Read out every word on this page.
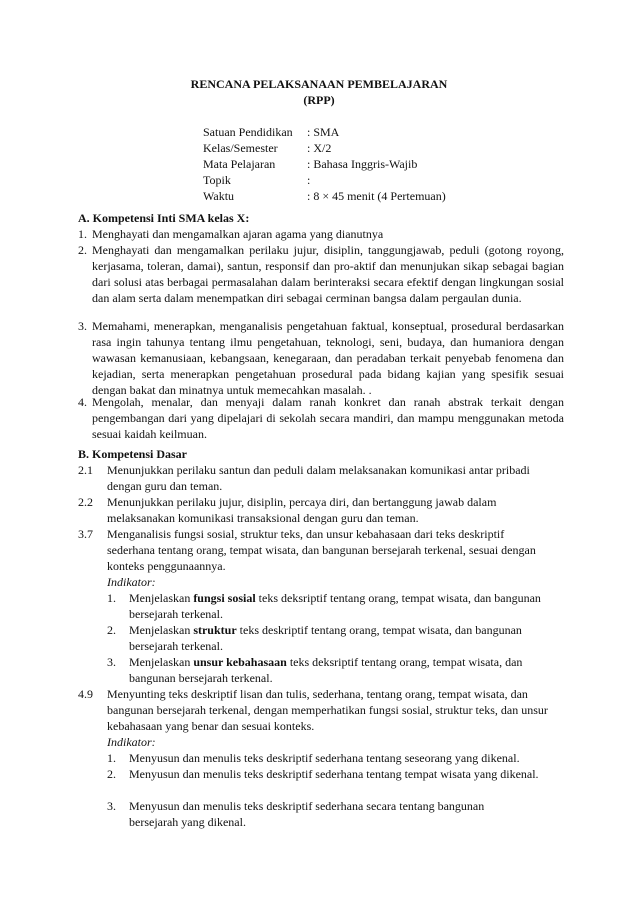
RENCANA PELAKSANAAN PEMBELAJARAN
(RPP)
Satuan Pendidikan	: SMA
Kelas/Semester	: X/2
Mata Pelajaran	: Bahasa Inggris-Wajib
Topik	:
Waktu	: 8 × 45 menit (4 Pertemuan)
A. Kompetensi Inti SMA kelas X:
1. Menghayati dan mengamalkan ajaran agama yang dianutnya
2. Menghayati dan mengamalkan perilaku jujur, disiplin, tanggungjawab, peduli (gotong royong, kerjasama, toleran, damai), santun, responsif dan pro-aktif dan menunjukan sikap sebagai bagian dari solusi atas berbagai permasalahan dalam berinteraksi secara efektif dengan lingkungan sosial dan alam serta dalam menempatkan diri sebagai cerminan bangsa dalam pergaulan dunia.
3. Memahami, menerapkan, menganalisis pengetahuan faktual, konseptual, prosedural berdasarkan rasa ingin tahunya tentang ilmu pengetahuan, teknologi, seni, budaya, dan humaniora dengan wawasan kemanusiaan, kebangsaan, kenegaraan, dan peradaban terkait penyebab fenomena dan kejadian, serta menerapkan pengetahuan prosedural pada bidang kajian yang spesifik sesuai dengan bakat dan minatnya untuk memecahkan masalah. .
4. Mengolah, menalar, dan menyaji dalam ranah konkret dan ranah abstrak terkait dengan pengembangan dari yang dipelajari di sekolah secara mandiri, dan mampu menggunakan metoda sesuai kaidah keilmuan.
B. Kompetensi Dasar
2.1 Menunjukkan perilaku santun dan peduli dalam melaksanakan komunikasi antar pribadi dengan guru dan teman.
2.2 Menunjukkan perilaku jujur, disiplin, percaya diri, dan bertanggung jawab dalam melaksanakan komunikasi transaksional dengan guru dan teman.
3.7 Menganalisis fungsi sosial, struktur teks, dan unsur kebahasaan dari teks deskriptif sederhana tentang orang, tempat wisata, dan bangunan bersejarah terkenal, sesuai dengan konteks penggunaannya.
Indikator:
1. Menjelaskan fungsi sosial teks deksriptif tentang orang, tempat wisata, dan bangunan bersejarah terkenal.
2. Menjelaskan struktur teks deskriptif tentang orang, tempat wisata, dan bangunan bersejarah terkenal.
3. Menjelaskan unsur kebahasaan teks deksriptif tentang orang, tempat wisata, dan bangunan bersejarah terkenal.
4.9 Menyunting teks deskriptif lisan dan tulis, sederhana, tentang orang, tempat wisata, dan bangunan bersejarah terkenal, dengan memperhatikan fungsi sosial, struktur teks, dan unsur kebahasaan yang benar dan sesuai konteks.
Indikator:
1. Menyusun dan menulis teks deskriptif sederhana tentang seseorang yang dikenal.
2. Menyusun dan menulis teks deskriptif sederhana tentang tempat wisata yang dikenal.
3. Menyusun dan menulis teks deskriptif sederhana secara tentang bangunan bersejarah yang dikenal.
